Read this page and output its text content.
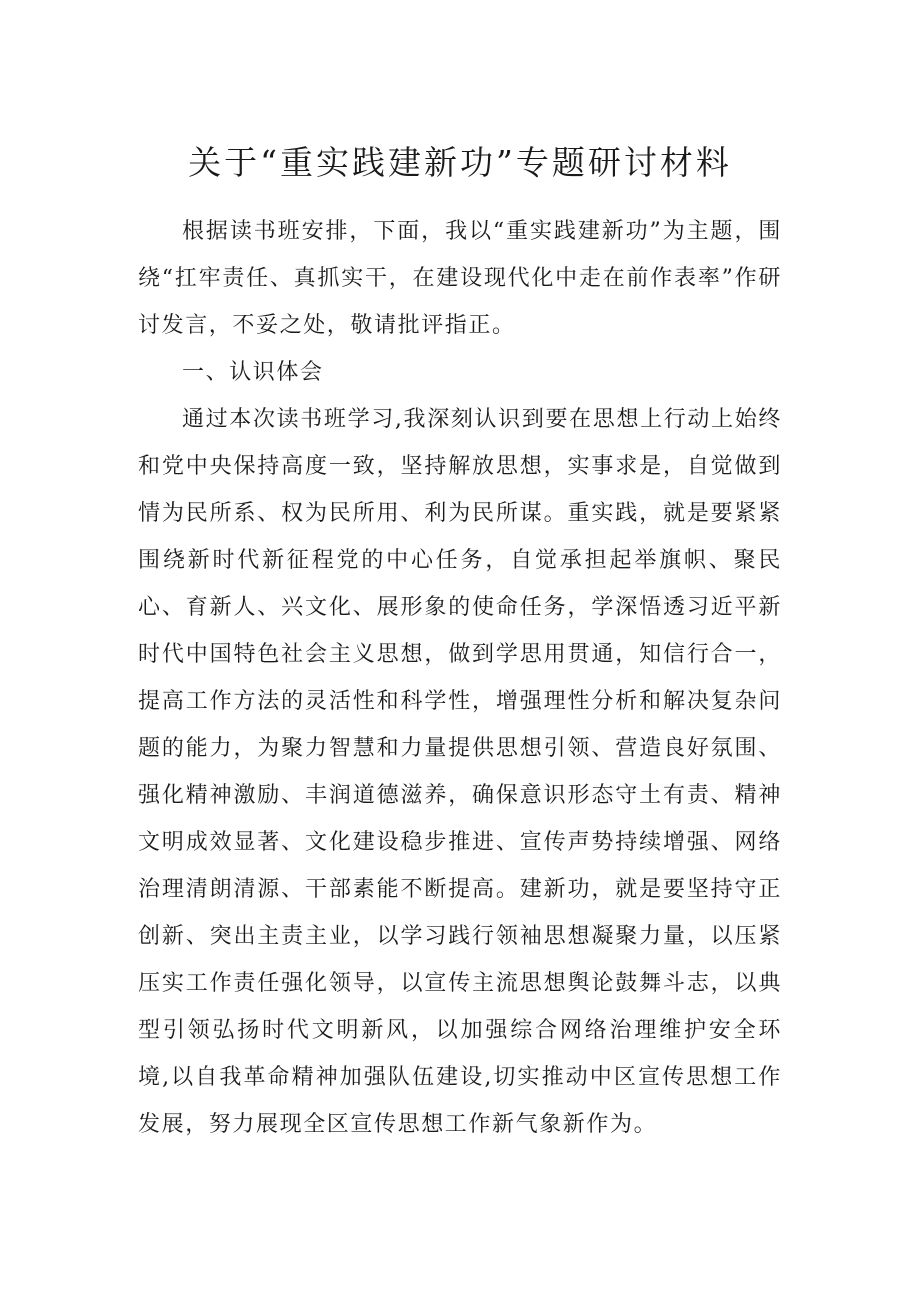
关于“重实践建新功”专题研讨材料

根据读书班安排，下面，我以“重实践建新功”为主题，围绕“扛牢责任、真抓实干，在建设现代化中走在前作表率”作研讨发言，不妥之处，敬请批评指正。

一、认识体会

通过本次读书班学习,我深刻认识到要在思想上行动上始终和党中央保持高度一致，坚持解放思想，实事求是，自觉做到情为民所系、权为民所用、利为民所谋。重实践，就是要紧紧围绕新时代新征程党的中心任务，自觉承担起举旗帜、聚民心、育新人、兴文化、展形象的使命任务，学深悟透习近平新时代中国特色社会主义思想，做到学思用贯通，知信行合一，提高工作方法的灵活性和科学性，增强理性分析和解决复杂问题的能力，为聚力智慧和力量提供思想引领、营造良好氛围、强化精神激励、丰润道德滋养，确保意识形态守土有责、精神文明成效显著、文化建设稳步推进、宣传声势持续增强、网络治理清朗清源、干部素能不断提高。建新功，就是要坚持守正创新、突出主责主业，以学习践行领袖思想凝聚力量，以压紧压实工作责任强化领导，以宣传主流思想舆论鼓舞斗志，以典型引领弘扬时代文明新风，以加强综合网络治理维护安全环境,以自我革命精神加强队伍建设,切实推动中区宣传思想工作发展，努力展现全区宣传思想工作新气象新作为。
